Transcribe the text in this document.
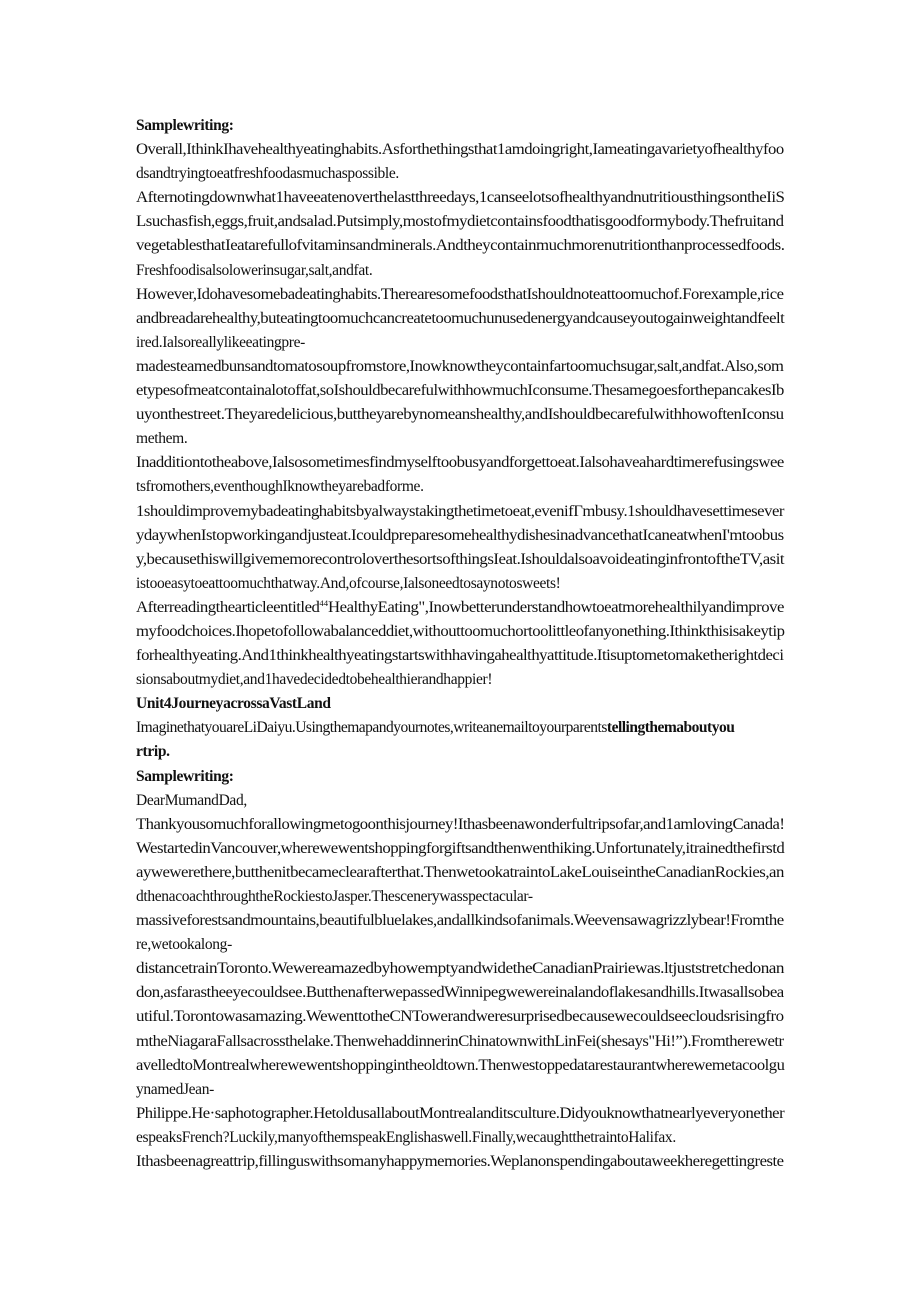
Samplewriting:
Overall,IthinkIhavehealthyeatinghabits.Asforthethingsthat1amdoingright,Iameatingavarietyofhealthyfoo
dsandtryingtoeatfreshfoodasmuchaspossible.
Afternotingdownwhat1haveeatenoverthelastthreedays,1canseelotsofhealthyandnutritiousthingsontheIiS
Lsuchasfish,eggs,fruit,andsalad.Putsimply,mostofmydietcontainsfoodthatisgoodformybody.Thefruitand
vegetablesthatIeatarefullofvitaminsandminerals.Andtheycontainmuchmorenutritionthanprocessedfoods.
Freshfoodisalsolowerinsugar,salt,andfat.
However,Idohavesomebadeatinghabits.TherearesomefoodsthatIshouldnoteattoomuchof.Forexample,rice
andbreadarehealthy,buteatingtoomuchcancreatetoomuchunusedenergyandcauseyoutogainweightandfeelt
ired.Ialsoreallylikeeatingpre-
madesteamedbunsandtomatosoupfromstore,Inowknowtheycontainfartoomuchsugar,salt,andfat.Also,som
etypesofmeatcontainalotoffat,soIshouldbecarefulwithhowmuchIconsume.ThesamegoesforthepancakesIb
uyonthestreet.Theyaredelicious,buttheyarebynomeanshealthy,andIshouldbecarefulwithhowoftenIconsu
methem.
Inadditiontotheabove,Ialsosometimesfindmyselftoobusyandforgettoeat.Ialsohaveahardtimerefusingswee
tsfromothers,eventhoughIknowtheyarebadforme.
1shouldimprovemybadeatinghabitsbyalwaystakingthetimetoeat,evenifΓmbusy.1shouldhavesettimesever
ydaywhenIstopworkingandjusteat.IcouldpreparesomehealthydishesinadvancethatIcaneatwhenI'mtoobus
y,becausethiswillgivememorecontroloverthesortsofthingsIeat.IshouldalsoavoideatinginfrontoftheTV,asit
istooeasytoeattoomuchthatway.And,ofcourse,Ialsoneedtosaynotosweets!
Afterreadingthearticleentitled$^{44}$HealthyEating",Inowbetterunderstandhowtoeatmorehealthilyandimprove
myfoodchoices.Ihopetofollowabalanceddiet,withouttoomuchortoolittleofanyonething.Ithinkthisisakeytip
forhealthyeating.And1thinkhealthyeatingstartswithhavingahealthyattitude.Itisuptometomaketherightdeci
sionsaboutmydiet,and1havedecidedtobehealthierandhappier!
Unit4JourneyacrossaVastLand
ImaginethatyouareLiDaiyu.Usingthemapandyournotes,writeanemailtoyourparentstellingthemaboutyou
rtrip.
Samplewriting:
DearMumandDad,
Thankyousomuchforallowingmetogoonthisjourney!Ithasbeenawonderfultripsofar,and1amlovingCanada!
WestartedinVancouver,wherewewentshoppingforgiftsandthenwenthiking.Unfortunately,itrainedthefirstd
aywewerethere,butthenitbecameclearafterthat.ThenwetookatraintoLakeLouiseintheCanadianRockies,an
dthenacoachthroughtheRockiestoJasper.Thescenerywasspectacular-
massiveforestsandmountains,beautifulbluelakes,andallkindsofanimals.Weevensawagrizzlybear!Fromthe
re,wetookalong-
distancetrainToronto.WewereamazedbyhowemptyandwidetheCanadianPrairiewas.ltjuststretchedonan
don,asfarastheeyecouldsee.ButthenafterwepassedWinnipegwewereinalandoflakesandhills.Itwasallsobea
utiful.Torontowasamazing.WewenttotheCNTowerandweresurprisedbecausewecouldseecloudsrisingfro
mtheNiagaraFallsacrossthelake.ThenwehaddinnerinChinatownwithLinFei(shesays"Hi!”).Fromtherewetr
avelledtoMontrealwherewewentshoppingintheoldtown.Thenwestoppedatarestaurantwherewemetacoolgu
ynamedJean-
Philippe.He·saphotographer.HetoldusallaboutMontrealanditsculture.Didyouknowthatnearlyeveryonether
espeaksFrench?Luckily,manyofthemspeakEnglishaswell.Finally,wecaughtthetraintoHalifax.
Ithasbeenagreattrip,fillinguswithsomanyhappymemories.Weplanonspendingaboutaweekheregettingreste
